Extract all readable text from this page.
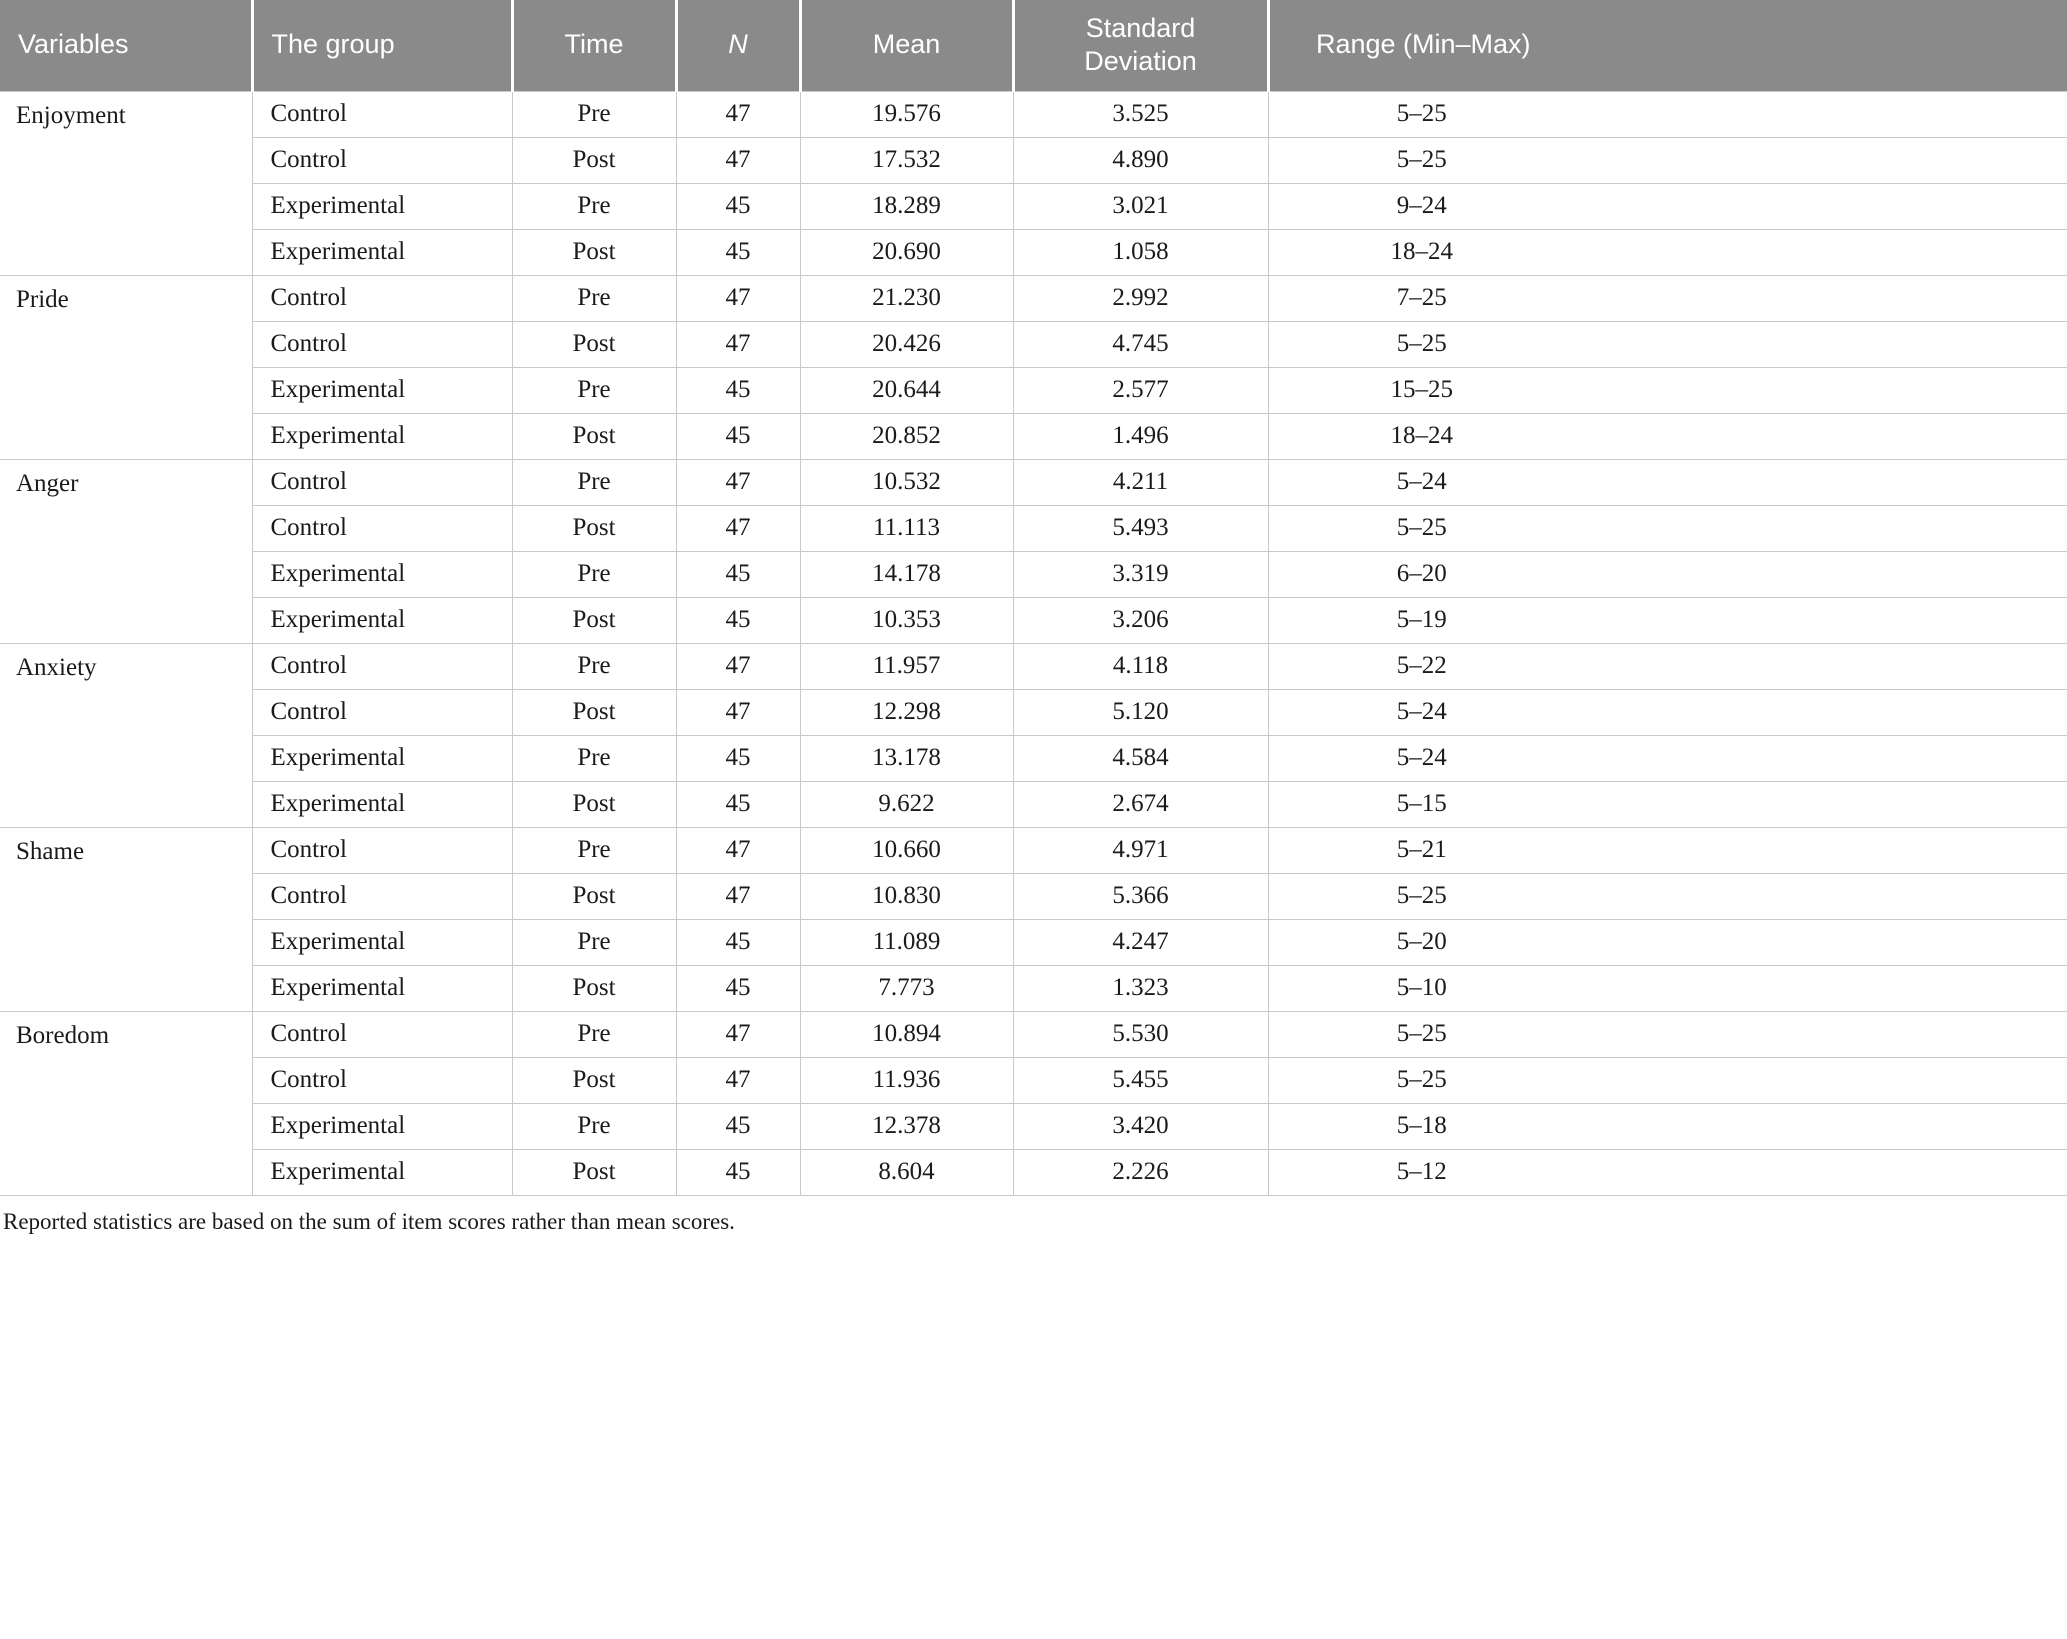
Variables	The group	Time	N	Mean	Standard Deviation	Range (Min–Max)
Enjoyment	Control	Pre	47	19.576	3.525	5–25
	Control	Post	47	17.532	4.890	5–25
	Experimental	Pre	45	18.289	3.021	9–24
	Experimental	Post	45	20.690	1.058	18–24
Pride	Control	Pre	47	21.230	2.992	7–25
	Control	Post	47	20.426	4.745	5–25
	Experimental	Pre	45	20.644	2.577	15–25
	Experimental	Post	45	20.852	1.496	18–24
Anger	Control	Pre	47	10.532	4.211	5–24
	Control	Post	47	11.113	5.493	5–25
	Experimental	Pre	45	14.178	3.319	6–20
	Experimental	Post	45	10.353	3.206	5–19
Anxiety	Control	Pre	47	11.957	4.118	5–22
	Control	Post	47	12.298	5.120	5–24
	Experimental	Pre	45	13.178	4.584	5–24
	Experimental	Post	45	9.622	2.674	5–15
Shame	Control	Pre	47	10.660	4.971	5–21
	Control	Post	47	10.830	5.366	5–25
	Experimental	Pre	45	11.089	4.247	5–20
	Experimental	Post	45	7.773	1.323	5–10
Boredom	Control	Pre	47	10.894	5.530	5–25
	Control	Post	47	11.936	5.455	5–25
	Experimental	Pre	45	12.378	3.420	5–18
	Experimental	Post	45	8.604	2.226	5–12
Reported statistics are based on the sum of item scores rather than mean scores.
